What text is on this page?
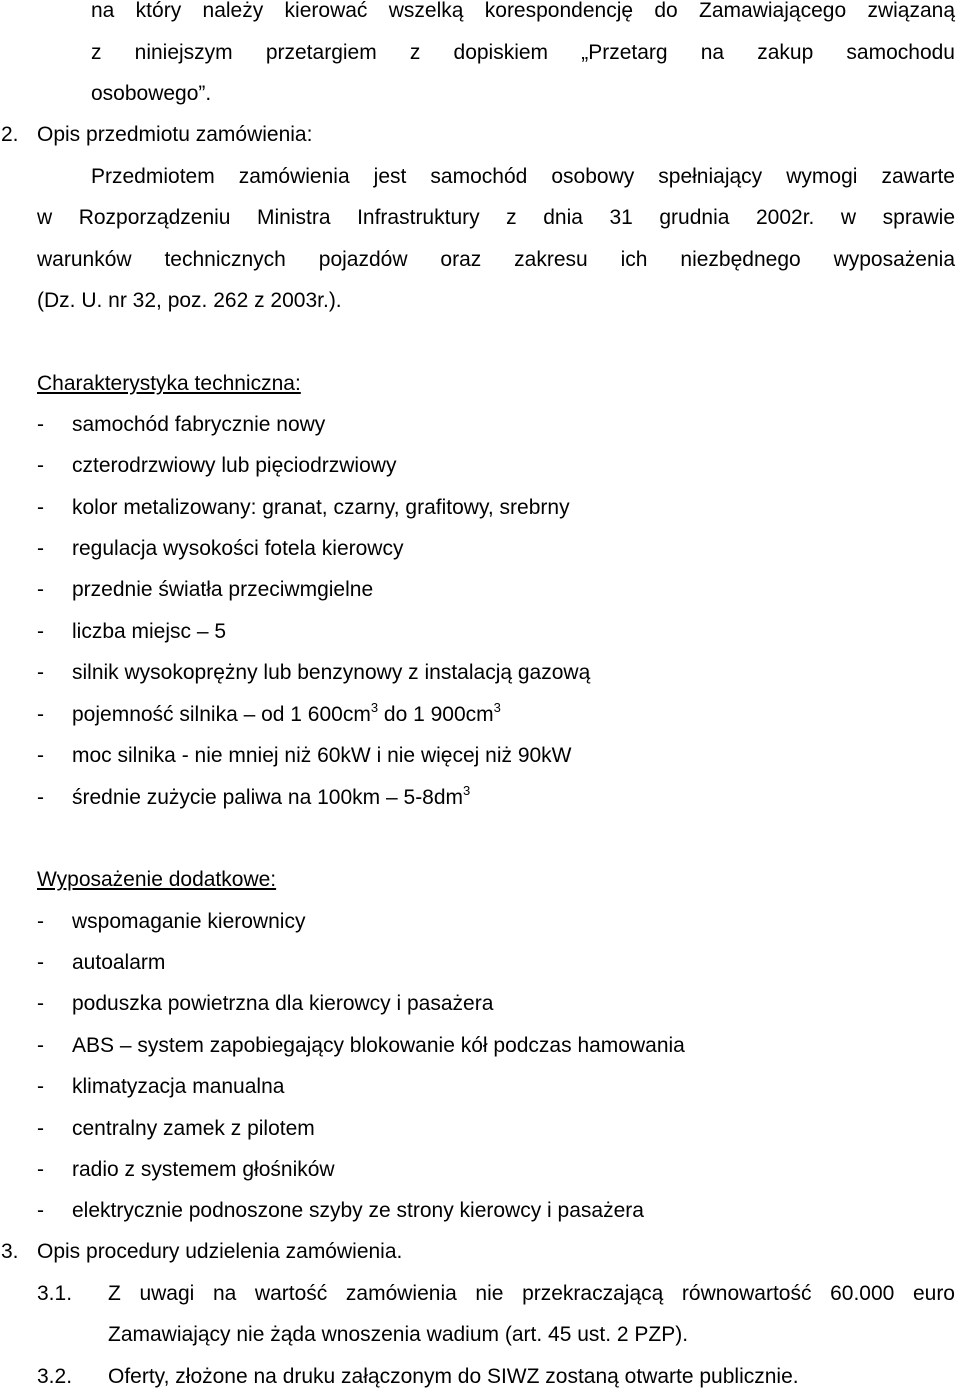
na który należy kierować wszelką korespondencję do Zamawiającego związaną
z niniejszym przetargiem z dopiskiem „Przetarg na zakup samochodu
osobowego”.
2. Opis przedmiotu zamówienia:
Przedmiotem zamówienia jest samochód osobowy spełniający wymogi zawarte
w Rozporządzeniu Ministra Infrastruktury z dnia 31 grudnia 2002r. w sprawie
warunków technicznych pojazdów oraz zakresu ich niezbędnego wyposażenia
(Dz. U. nr 32, poz. 262 z 2003r.).
Charakterystyka techniczna:
- samochód fabrycznie nowy
- czterodrzwiowy lub pięciodrzwiowy
- kolor metalizowany: granat, czarny, grafitowy, srebrny
- regulacja wysokości fotela kierowcy
- przednie światła przeciwmgielne
- liczba miejsc – 5
- silnik wysokoprężny lub benzynowy z instalacją gazową
- pojemność silnika – od 1 $600cm^3$ do 1 $900cm^3$
- moc silnika - nie mniej niż 60kW i nie więcej niż 90kW
- średnie zużycie paliwa na $100km - 5-8dm^3$
Wyposażenie dodatkowe:
- wspomaganie kierownicy
- autoalarm
- poduszka powietrzna dla kierowcy i pasażera
- ABS – system zapobiegający blokowanie kół podczas hamowania
- klimatyzacja manualna
- centralny zamek z pilotem
- radio z systemem głośników
- elektrycznie podnoszone szyby ze strony kierowcy i pasażera
3. Opis procedury udzielenia zamówienia.
3.1. Z uwagi na wartość zamówienia nie przekraczającą równowartość 60.000 euro
Zamawiający nie żąda wnoszenia wadium (art. 45 ust. 2 PZP).
3.2. Oferty, złożone na druku załączonym do SIWZ zostaną otwarte publicznie.
